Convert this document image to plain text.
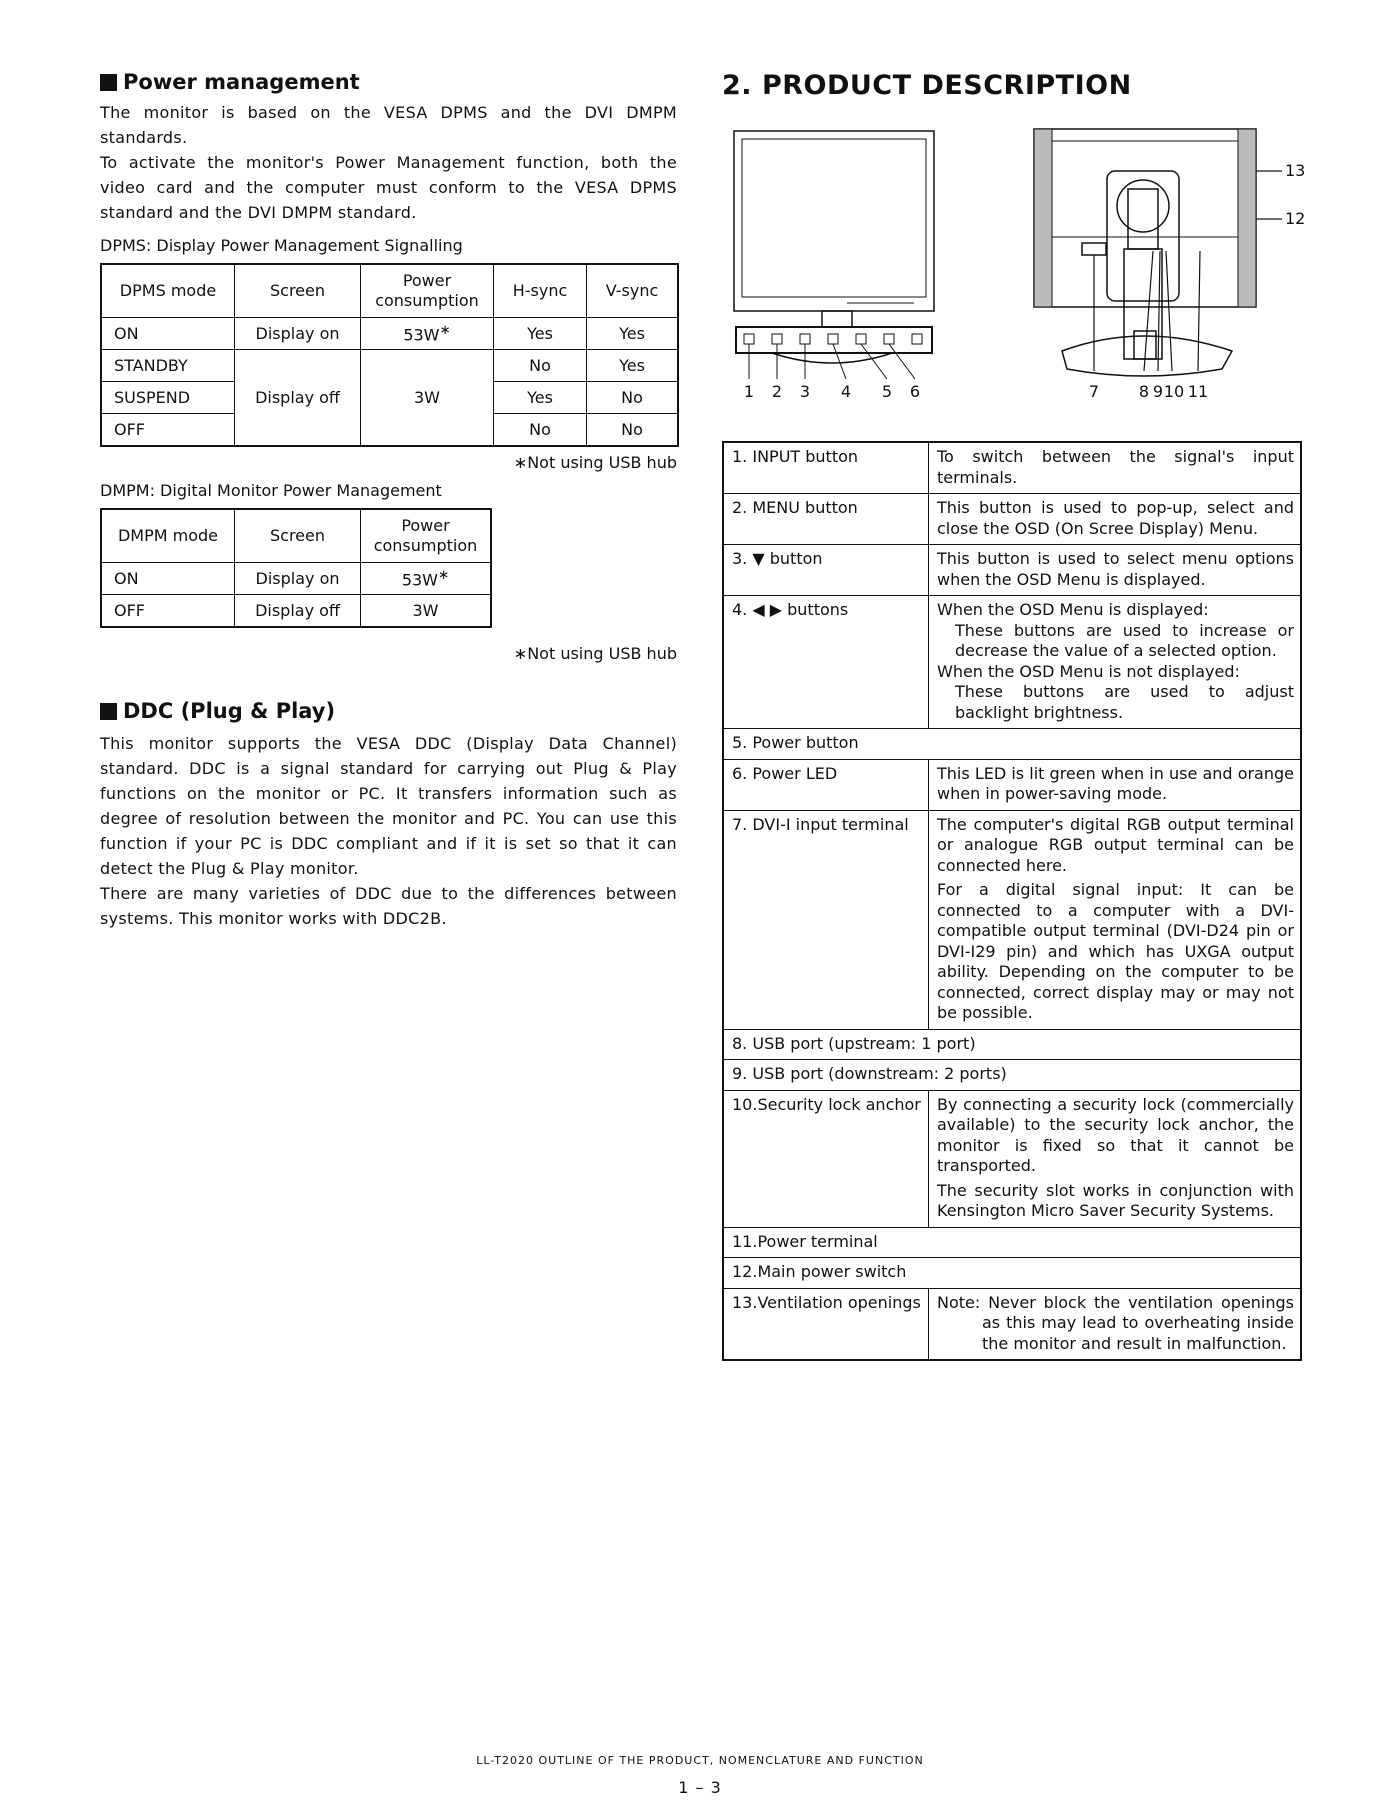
Power management

The monitor is based on the VESA DPMS and the DVI DMPM standards.

To activate the monitor's Power Management function, both the video card and the computer must conform to the VESA DPMS standard and the DVI DMPM standard.

DPMS: Display Power Management Signalling
DPMS mode	Screen	Power consumption	H-sync	V-sync
ON	Display on	53W∗	Yes	Yes
STANDBY	Display off	3W	No	Yes
SUSPEND			Yes	No
OFF			No	No
∗Not using USB hub
DMPM: Digital Monitor Power Management
DMPM mode	Screen	Power consumption
ON	Display on	53W∗
OFF	Display off	3W
∗Not using USB hub
DDC (Plug & Play)

This monitor supports the VESA DDC (Display Data Channel) standard. DDC is a signal standard for carrying out Plug & Play functions on the monitor or PC. It transfers information such as degree of resolution between the monitor and PC. You can use this function if your PC is DDC compliant and if it is set so that it can detect the Plug & Play monitor.

There are many varieties of DDC due to the differences between systems. This monitor works with DDC2B.

2. PRODUCT DESCRIPTION
1 2 3 4 5 6	7 8 9 10 11
13
12
1. INPUT button	To switch between the signal's input terminals.

2. MENU button	This button is used to pop-up, select and close the OSD (On Scree Display) Menu.

3. ▼ button	This button is used to select menu options when the OSD Menu is displayed.

4. ◀ ▶ buttons	When the OSD Menu is displayed:
These buttons are used to increase or decrease the value of a selected option.
When the OSD Menu is not displayed:
These buttons are used to adjust backlight brightness.

5. Power button	
6. Power LED	This LED is lit green when in use and orange when in power-saving mode.

7. DVI-I input terminal	The computer's digital RGB output terminal or analogue RGB output terminal can be connected here.
For a digital signal input: It can be connected to a computer with a DVI-compatible output terminal (DVI-D24 pin or DVI-I29 pin) and which has UXGA output ability. Depending on the computer to be connected, correct display may or may not be possible.

8. USB port (upstream: 1 port)	
9. USB port (downstream: 2 ports)	
10.Security lock anchor	By connecting a security lock (commercially available) to the security lock anchor, the monitor is fixed so that it cannot be transported.
The security slot works in conjunction with Kensington Micro Saver Security Systems.

11.Power terminal	
12.Main power switch	
13.Ventilation openings	Note: Never block the ventilation openings as this may lead to overheating inside the monitor and result in malfunction.
LL-T2020 OUTLINE OF THE PRODUCT, NOMENCLATURE AND FUNCTION
1 – 3
